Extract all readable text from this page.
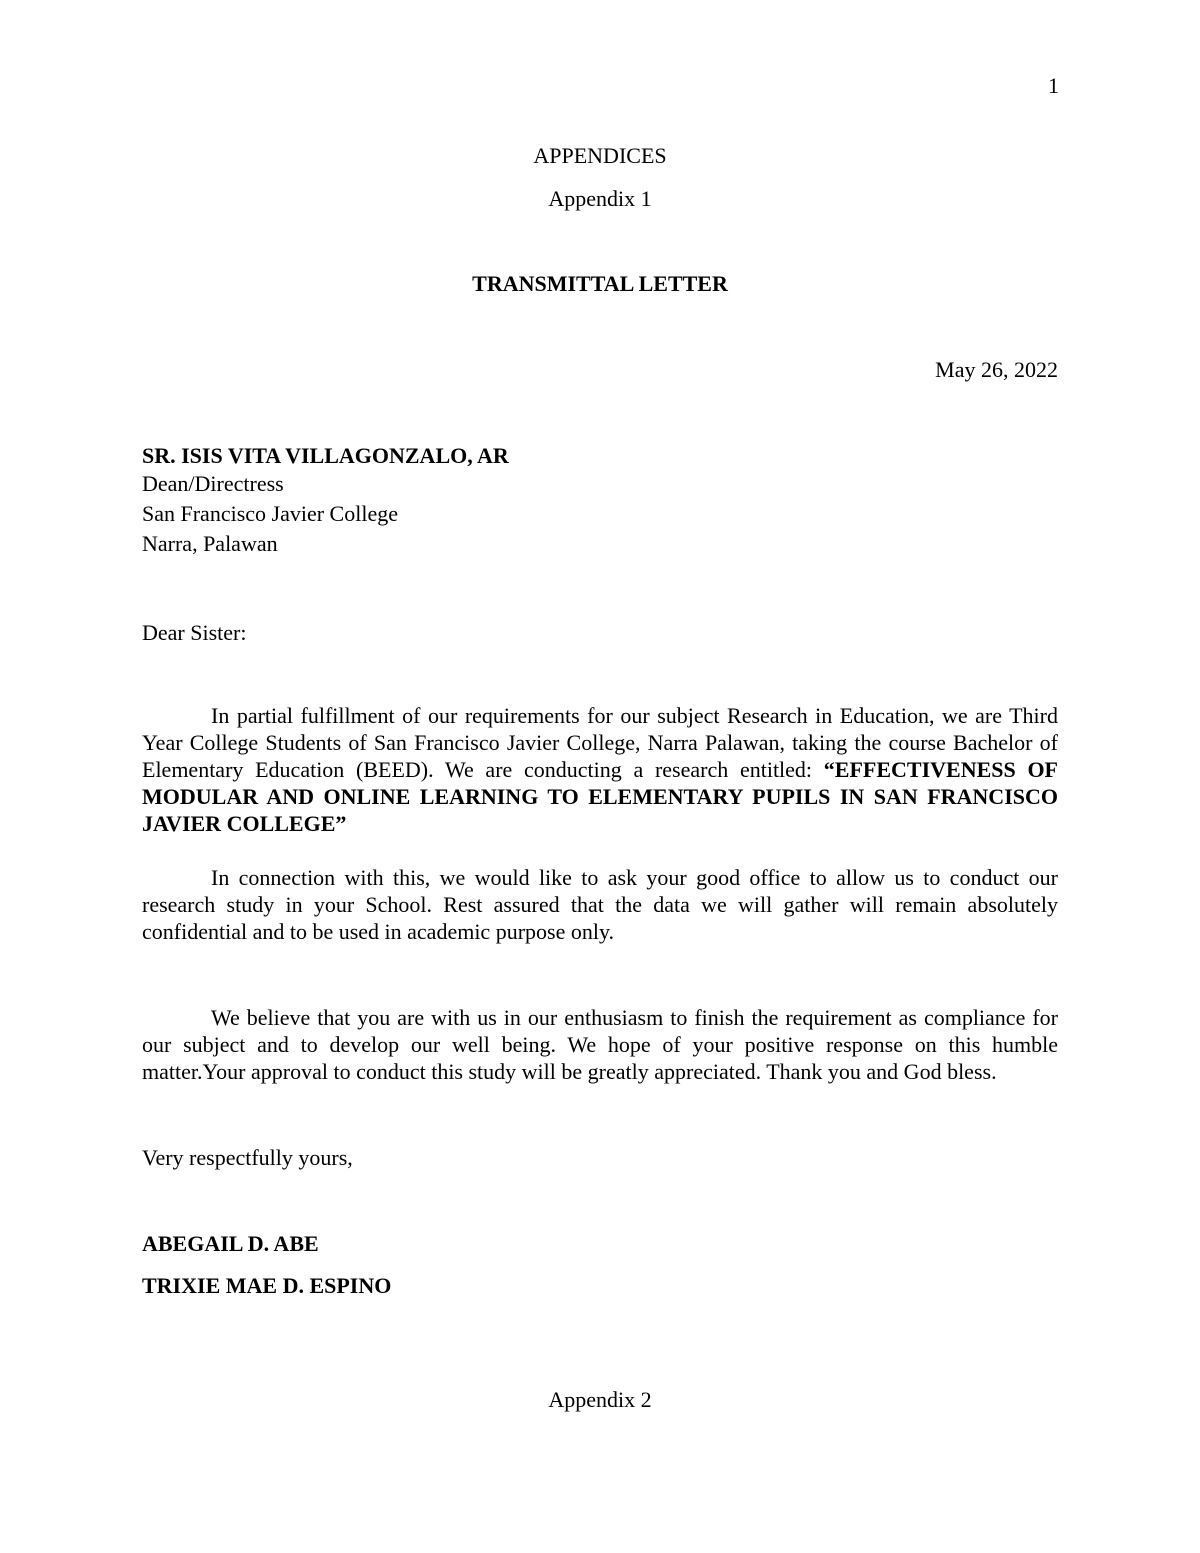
1

APPENDICES

Appendix 1

TRANSMITTAL LETTER

May 26, 2022

SR. ISIS VITA VILLAGONZALO, AR

Dean/Directress

San Francisco Javier College

Narra, Palawan

Dear Sister:

In partial fulfillment of our requirements for our subject Research in Education, we are Third Year College Students of San Francisco Javier College, Narra Palawan, taking the course Bachelor of Elementary Education (BEED). We are conducting a research entitled: “EFFECTIVENESS OF MODULAR AND ONLINE LEARNING TO ELEMENTARY PUPILS IN SAN FRANCISCO JAVIER COLLEGE”

In connection with this, we would like to ask your good office to allow us to conduct our research study in your School. Rest assured that the data we will gather will remain absolutely confidential and to be used in academic purpose only.

We believe that you are with us in our enthusiasm to finish the requirement as compliance for our subject and to develop our well being. We hope of your positive response on this humble matter.Your approval to conduct this study will be greatly appreciated. Thank you and God bless.

Very respectfully yours,

ABEGAIL D. ABE

TRIXIE MAE D. ESPINO

Appendix 2
